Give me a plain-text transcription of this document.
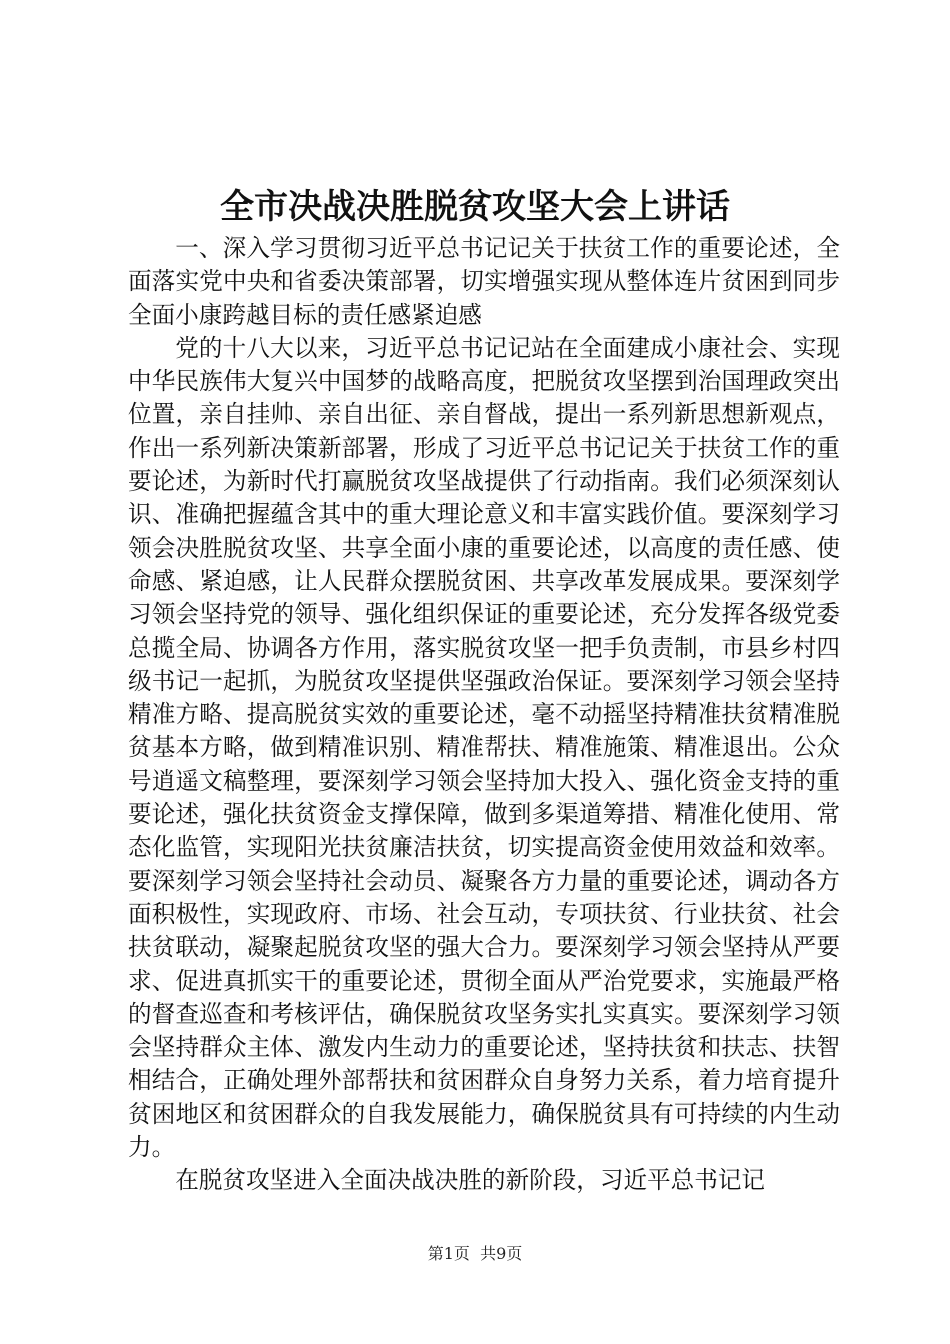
全市决战决胜脱贫攻坚大会上讲话

一、深入学习贯彻习近平总书记记关于扶贫工作的重要论述，全面落实党中央和省委决策部署，切实增强实现从整体连片贫困到同步全面小康跨越目标的责任感紧迫感

党的十八大以来，习近平总书记记站在全面建成小康社会、实现中华民族伟大复兴中国梦的战略高度，把脱贫攻坚摆到治国理政突出位置，亲自挂帅、亲自出征、亲自督战，提出一系列新思想新观点，作出一系列新决策新部署，形成了习近平总书记记关于扶贫工作的重要论述，为新时代打赢脱贫攻坚战提供了行动指南。我们必须深刻认识、准确把握蕴含其中的重大理论意义和丰富实践价值。要深刻学习领会决胜脱贫攻坚、共享全面小康的重要论述，以高度的责任感、使命感、紧迫感，让人民群众摆脱贫困、共享改革发展成果。要深刻学习领会坚持党的领导、强化组织保证的重要论述，充分发挥各级党委总揽全局、协调各方作用，落实脱贫攻坚一把手负责制，市县乡村四级书记一起抓，为脱贫攻坚提供坚强政治保证。要深刻学习领会坚持精准方略、提高脱贫实效的重要论述，毫不动摇坚持精准扶贫精准脱贫基本方略，做到精准识别、精准帮扶、精准施策、精准退出。公众号逍遥文稿整理，要深刻学习领会坚持加大投入、强化资金支持的重要论述，强化扶贫资金支撑保障，做到多渠道筹措、精准化使用、常态化监管，实现阳光扶贫廉洁扶贫，切实提高资金使用效益和效率。要深刻学习领会坚持社会动员、凝聚各方力量的重要论述，调动各方面积极性，实现政府、市场、社会互动，专项扶贫、行业扶贫、社会扶贫联动，凝聚起脱贫攻坚的强大合力。要深刻学习领会坚持从严要求、促进真抓实干的重要论述，贯彻全面从严治党要求，实施最严格的督查巡查和考核评估，确保脱贫攻坚务实扎实真实。要深刻学习领会坚持群众主体、激发内生动力的重要论述，坚持扶贫和扶志、扶智相结合，正确处理外部帮扶和贫困群众自身努力关系，着力培育提升贫困地区和贫困群众的自我发展能力，确保脱贫具有可持续的内生动力。

在脱贫攻坚进入全面决战决胜的新阶段，习近平总书记记

第1页  共9页
